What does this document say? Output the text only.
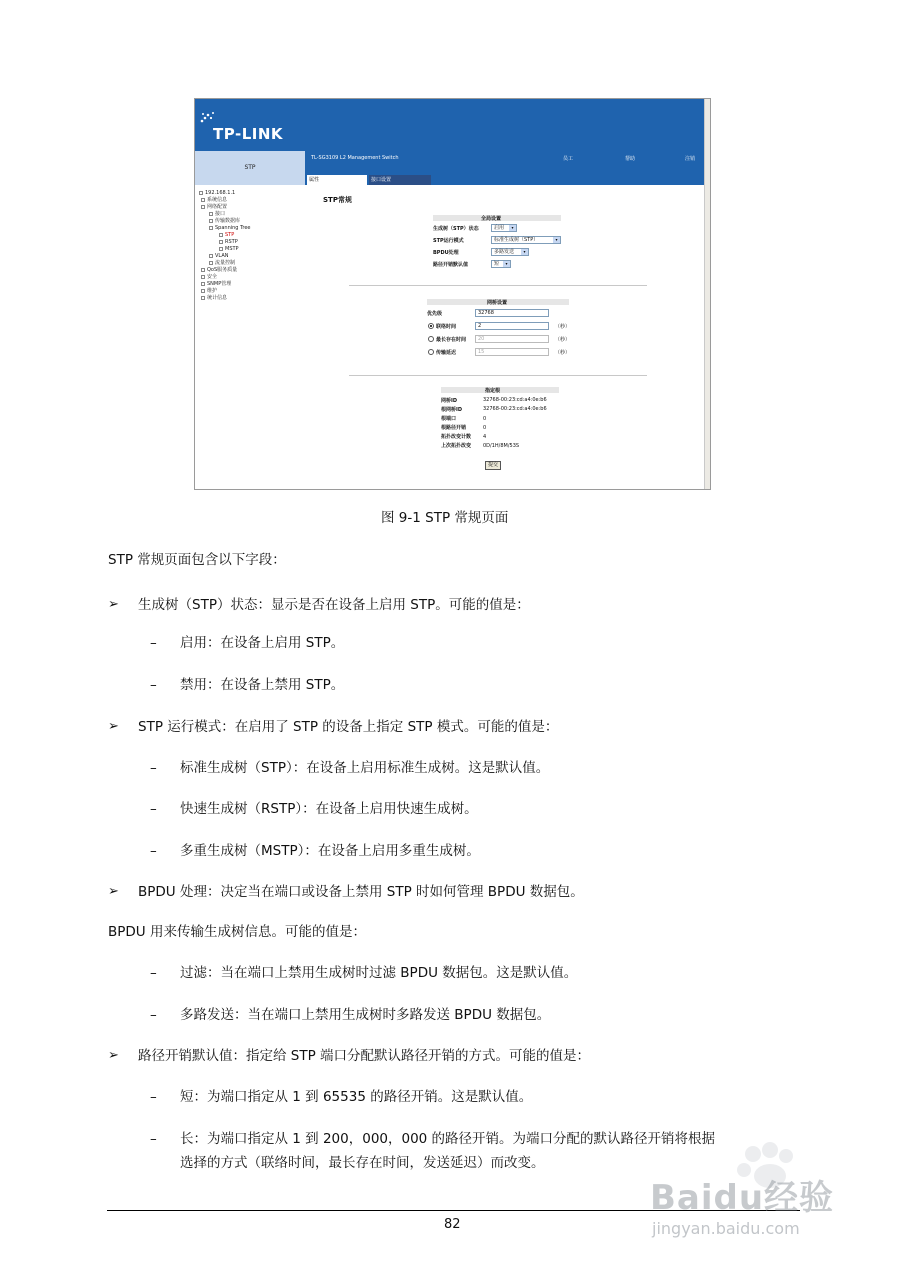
TP-LINK
STP
192.168.1.1
系统信息
网络配置
接口
传输数据库
Spanning Tree
STP
RSTP
MSTP
VLAN
流量控制
QoS服务质量
安全
SNMP管理
维护
统计信息
TL-SG3109 L2 Management Switch	员工	帮助	注销
属性	接口设置
STP常规
全局设置
生成树（STP）状态	启用	▾
STP运行模式	标准生成树（STP）	▾
BPDU处理	多路发送	▾
路径开销默认值	短	▾
网桥设置
优先级	32768
联络时间	2	（秒）
最长存在时间	20	（秒）
传输延迟	15	（秒）
指定根
网桥ID	32768-00:23:cd:a4:0e:b6
根网桥ID	32768-00:23:cd:a4:0e:b6
根端口	0
根路径开销	0
拓扑改变计数 4
上次拓扑改变 0D/1H/8M/53S
提交
图 9-1 STP 常规页面
STP 常规页面包含以下字段：
➢ 生成树（STP）状态：显示是否在设备上启用 STP。可能的值是：
– 启用：在设备上启用 STP。
– 禁用：在设备上禁用 STP。
➢ STP 运行模式：在启用了 STP 的设备上指定 STP 模式。可能的值是：
– 标准生成树（STP）：在设备上启用标准生成树。这是默认值。
– 快速生成树（RSTP）：在设备上启用快速生成树。
– 多重生成树（MSTP）：在设备上启用多重生成树。
➢ BPDU 处理：决定当在端口或设备上禁用 STP 时如何管理 BPDU 数据包。
BPDU 用来传输生成树信息。可能的值是：
– 过滤：当在端口上禁用生成树时过滤 BPDU 数据包。这是默认值。
– 多路发送：当在端口上禁用生成树时多路发送 BPDU 数据包。
➢ 路径开销默认值：指定给 STP 端口分配默认路径开销的方式。可能的值是：
– 短：为端口指定从 1 到 65535 的路径开销。这是默认值。
– 长：为端口指定从 1 到 200，000，000 的路径开销。为端口分配的默认路径开销将根据
选择的方式（联络时间，最长存在时间，发送延迟）而改变。
82
Baidu经验
jingyan.baidu.com
